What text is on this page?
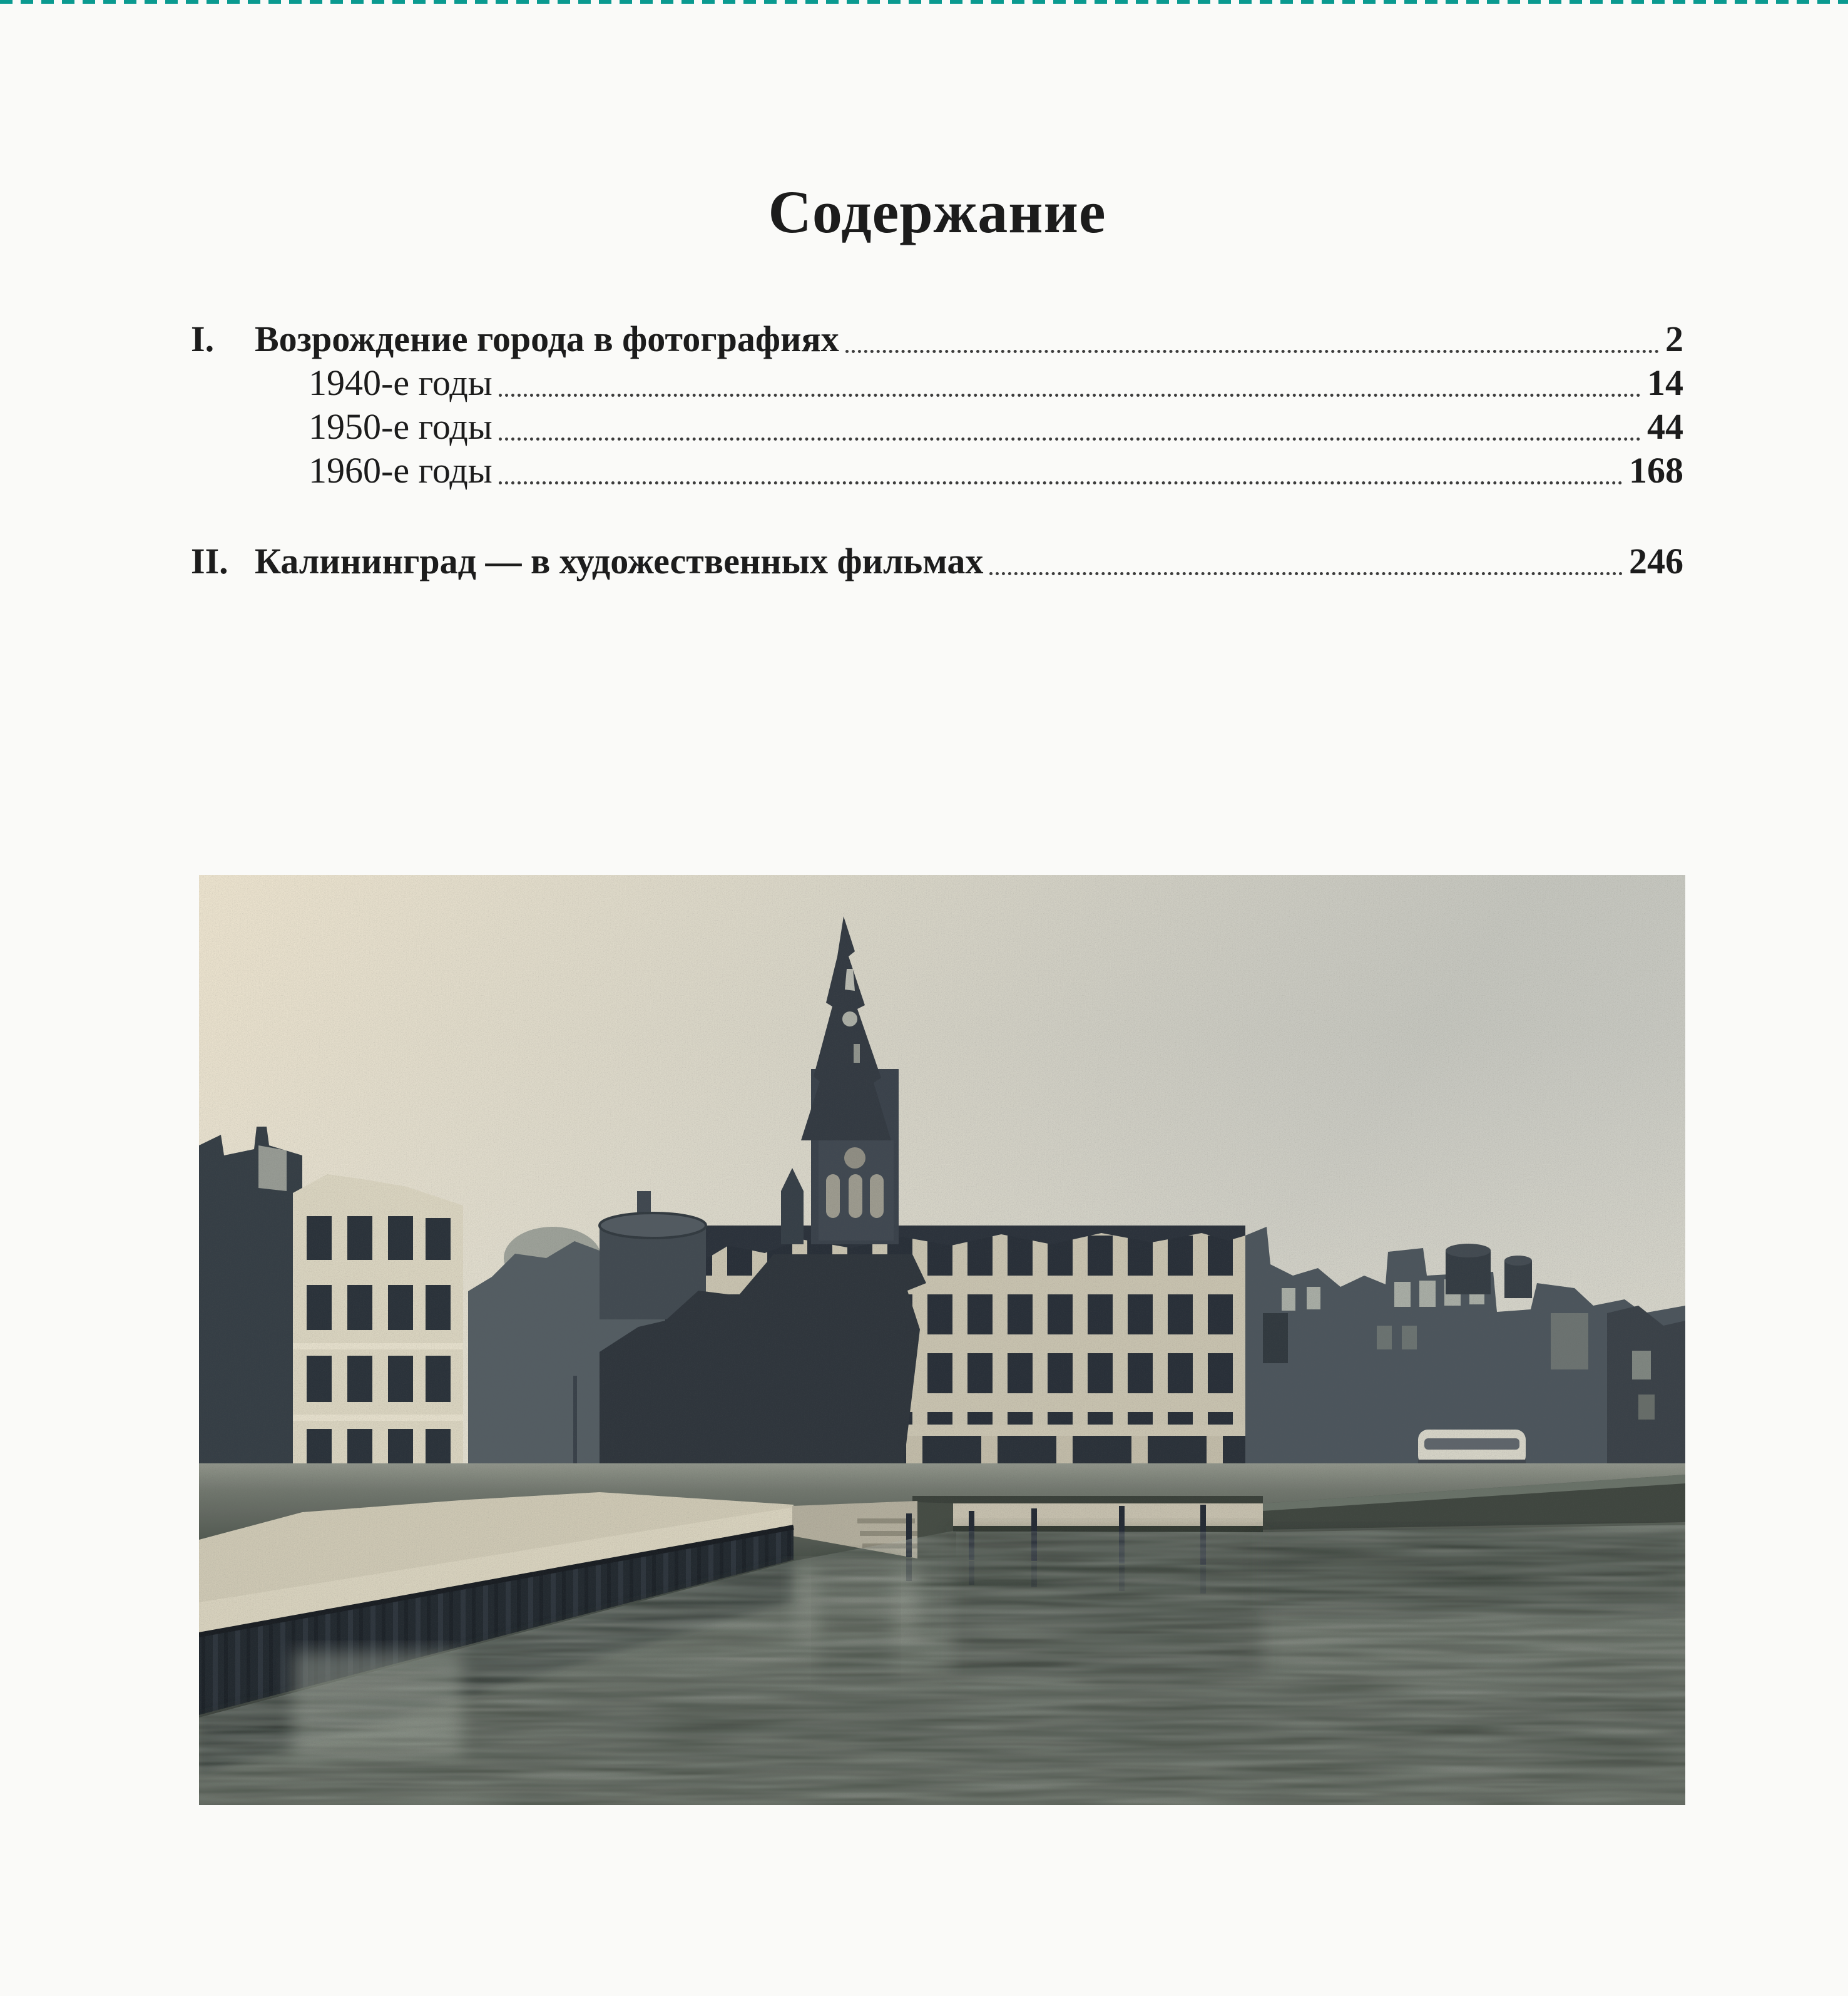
Содержание
I.	Возрождение города в фотографиях	2
1940-е годы	14
1950-е годы	44
1960-е годы	168
II. Калининград — в художественных фильмах	246
